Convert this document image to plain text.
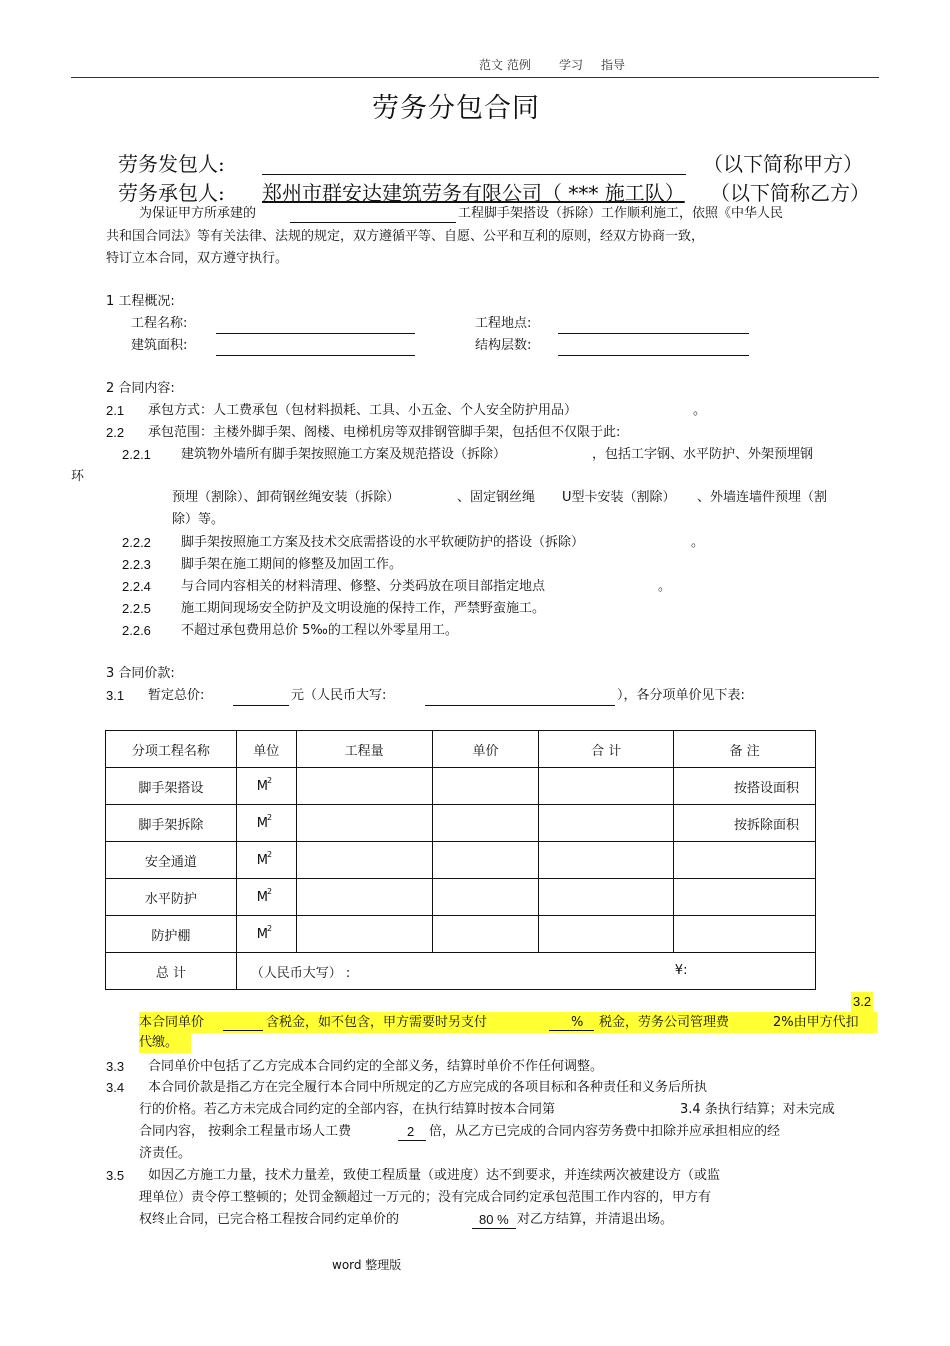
范文 范例 学习 指导
劳务分包合同
劳务发包人:	（以下简称甲方）
劳务承包人: 郑州市群安达建筑劳务有限公司（ *** 施工队） （以下简称乙方）
为保证甲方所承建的	工程脚手架搭设（拆除）工作顺利施工，依照《中华人民
共和国合同法》等有关法律、法规的规定，双方遵循平等、自愿、公平和互利的原则，经双方协商一致，
特订立本合同，双方遵守执行。
1 工程概况:
工程名称:	工程地点:
建筑面积:	结构层数:
2 合同内容:
2.1 承包方式：人工费承包（包材料损耗、工具、小五金、个人安全防护用品）	。
2.2 承包范围：主楼外脚手架、阁楼、电梯机房等双排钢管脚手架，包括但不仅限于此:
2.2.1 建筑物外墙所有脚手架按照施工方案及规范搭设（拆除）	，包括工字钢、水平防护、外架预埋钢
环
预埋（割除）、卸荷钢丝绳安装（拆除）	、固定钢丝绳 U型卡安装（割除） 、外墙连墙件预埋（割
除）等。
2.2.2 脚手架按照施工方案及技术交底需搭设的水平软硬防护的搭设（拆除）	。
2.2.3 脚手架在施工期间的修整及加固工作。
2.2.4 与合同内容相关的材料清理、修整、分类码放在项目部指定地点	。
2.2.5 施工期间现场安全防护及文明设施的保持工作，严禁野蛮施工。
2.2.6 不超过承包费用总价 5‰的工程以外零星用工。
3 合同价款:
3.1 暂定总价:	元（人民币大写:	），各分项单价见下表:
分项工程名称	单位	工程量	单价	合 计	备 注
脚手架搭设	$M^2$				按搭设面积
脚手架拆除	$M^2$				按拆除面积
安全通道	$M^2$				
水平防护	$M^2$				
防护棚	$M^2$				
总 计	（人民币大写） : ¥:				
3.2
本合同单价	含税金，如不包含，甲方需要时另支付	% 税金，劳务公司管理费	2%由甲方代扣
代缴。
3.3 合同单价中包括了乙方完成本合同约定的全部义务，结算时单价不作任何调整。
3.4 本合同价款是指乙方在完全履行本合同中所规定的乙方应完成的各项目标和各种责任和义务后所执
行的价格。若乙方未完成合同约定的全部内容，在执行结算时按本合同第	3.4 条执行结算；对未完成
合同内容， 按剩余工程量市场人工费	2 倍，从乙方已完成的合同内容劳务费中扣除并应承担相应的经
济责任。
3.5 如因乙方施工力量，技术力量差，致使工程质量（或进度）达不到要求，并连续两次被建设方（或监
理单位）责令停工整顿的；处罚金额超过一万元的；没有完成合同约定承包范围工作内容的，甲方有
权终止合同，已完合格工程按合同约定单价的	80 % 对乙方结算，并清退出场。
word 整理版
